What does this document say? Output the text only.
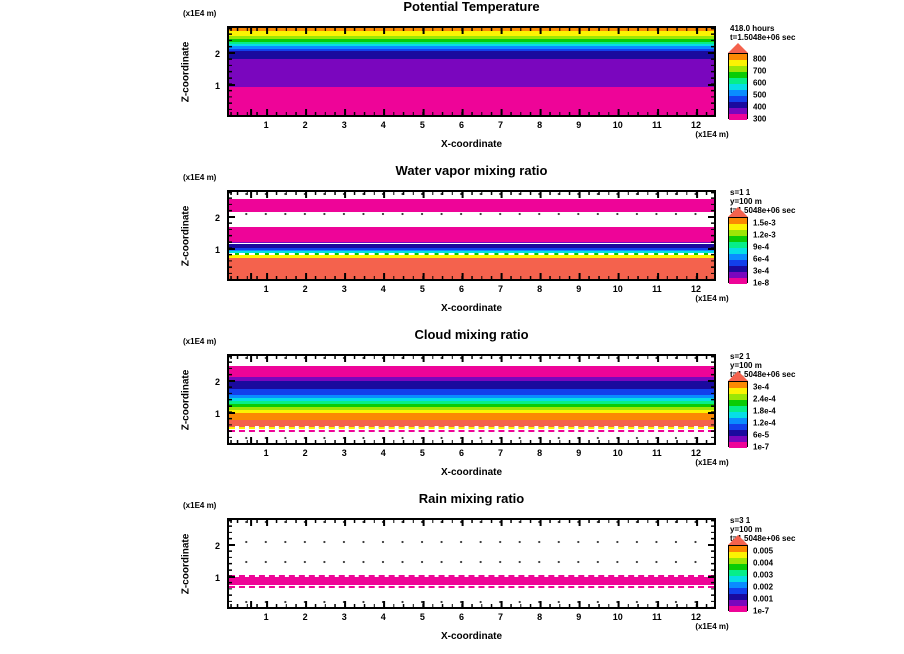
Potential Temperature
(x1E4 m)
Z-coordinate	1
2
1	2	3	4	5	6	7	8	9	10	11	12
(x1E4 m)
X-coordinate
418.0 hours
t=1.5048e+06 sec
800
700
600
500
400
300
Water vapor mixing ratio
(x1E4 m)
Z-coordinate	1
2
1	2	3	4	5	6	7	8	9	10	11	12
(x1E4 m)
X-coordinate
s=1 1
y=100 m
t=1.5048e+06 sec
1.5e-3
1.2e-3
9e-4
6e-4
3e-4
1e-8
Cloud mixing ratio
(x1E4 m)
Z-coordinate	1
2
1	2	3	4	5	6	7	8	9	10	11	12
(x1E4 m)
X-coordinate
s=2 1
y=100 m
t=1.5048e+06 sec
3e-4
2.4e-4
1.8e-4
1.2e-4
6e-5
1e-7
Rain mixing ratio
(x1E4 m)
Z-coordinate	1
2
1	2	3	4	5	6	7	8	9	10	11	12
(x1E4 m)
X-coordinate
s=3 1
y=100 m
t=1.5048e+06 sec
0.005
0.004
0.003
0.002
0.001
1e-7
